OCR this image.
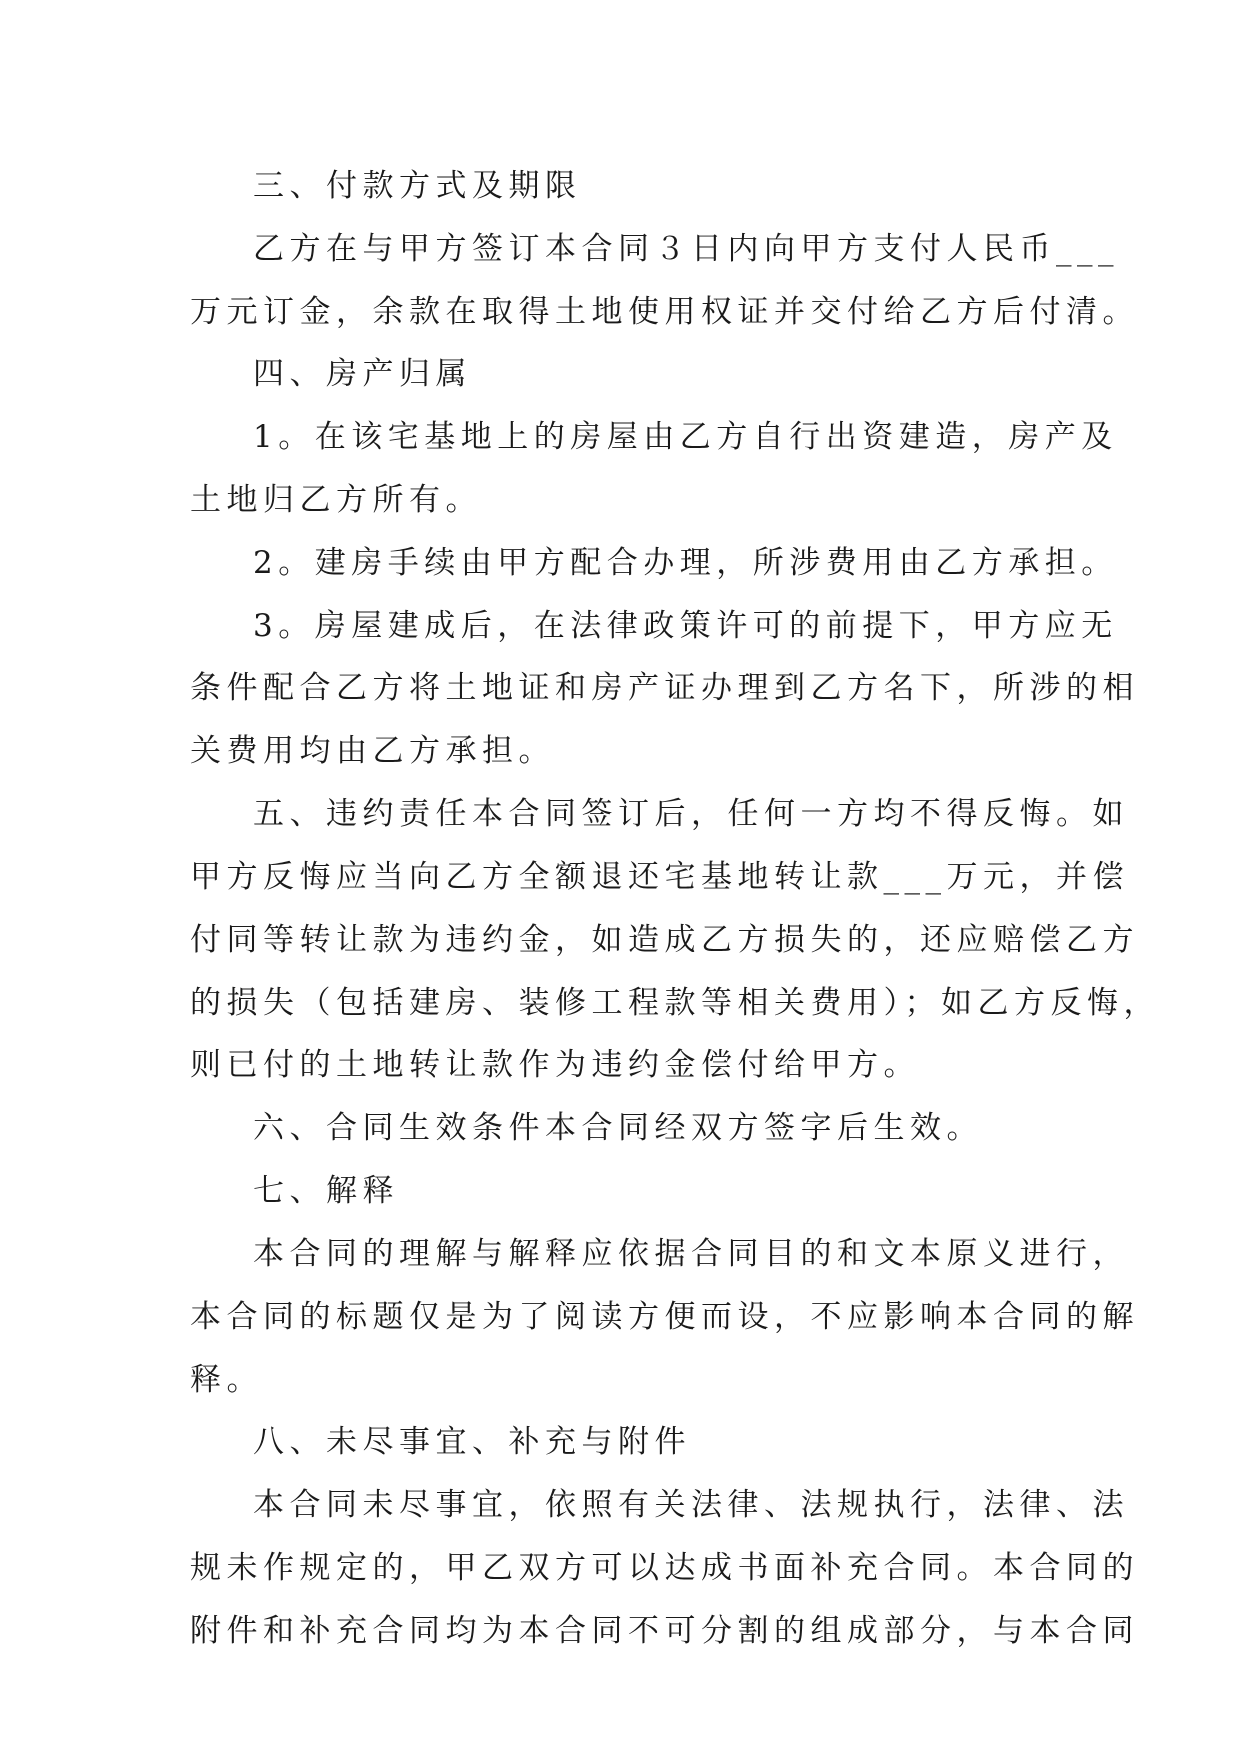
三、付款方式及期限

乙方在与甲方签订本合同３日内向甲方支付人民币___

万元订金，余款在取得土地使用权证并交付给乙方后付清。

四、房产归属

1。在该宅基地上的房屋由乙方自行出资建造，房产及

土地归乙方所有。

2。建房手续由甲方配合办理，所涉费用由乙方承担。

3。房屋建成后，在法律政策许可的前提下，甲方应无

条件配合乙方将土地证和房产证办理到乙方名下，所涉的相

关费用均由乙方承担。

五、违约责任本合同签订后，任何一方均不得反悔。如

甲方反悔应当向乙方全额退还宅基地转让款___万元，并偿

付同等转让款为违约金，如造成乙方损失的，还应赔偿乙方

的损失（包括建房、装修工程款等相关费用）；如乙方反悔，

则已付的土地转让款作为违约金偿付给甲方。

六、合同生效条件本合同经双方签字后生效。

七、解释

本合同的理解与解释应依据合同目的和文本原义进行，

本合同的标题仅是为了阅读方便而设，不应影响本合同的解

释。

八、未尽事宜、补充与附件

本合同未尽事宜，依照有关法律、法规执行，法律、法

规未作规定的，甲乙双方可以达成书面补充合同。本合同的

附件和补充合同均为本合同不可分割的组成部分，与本合同
